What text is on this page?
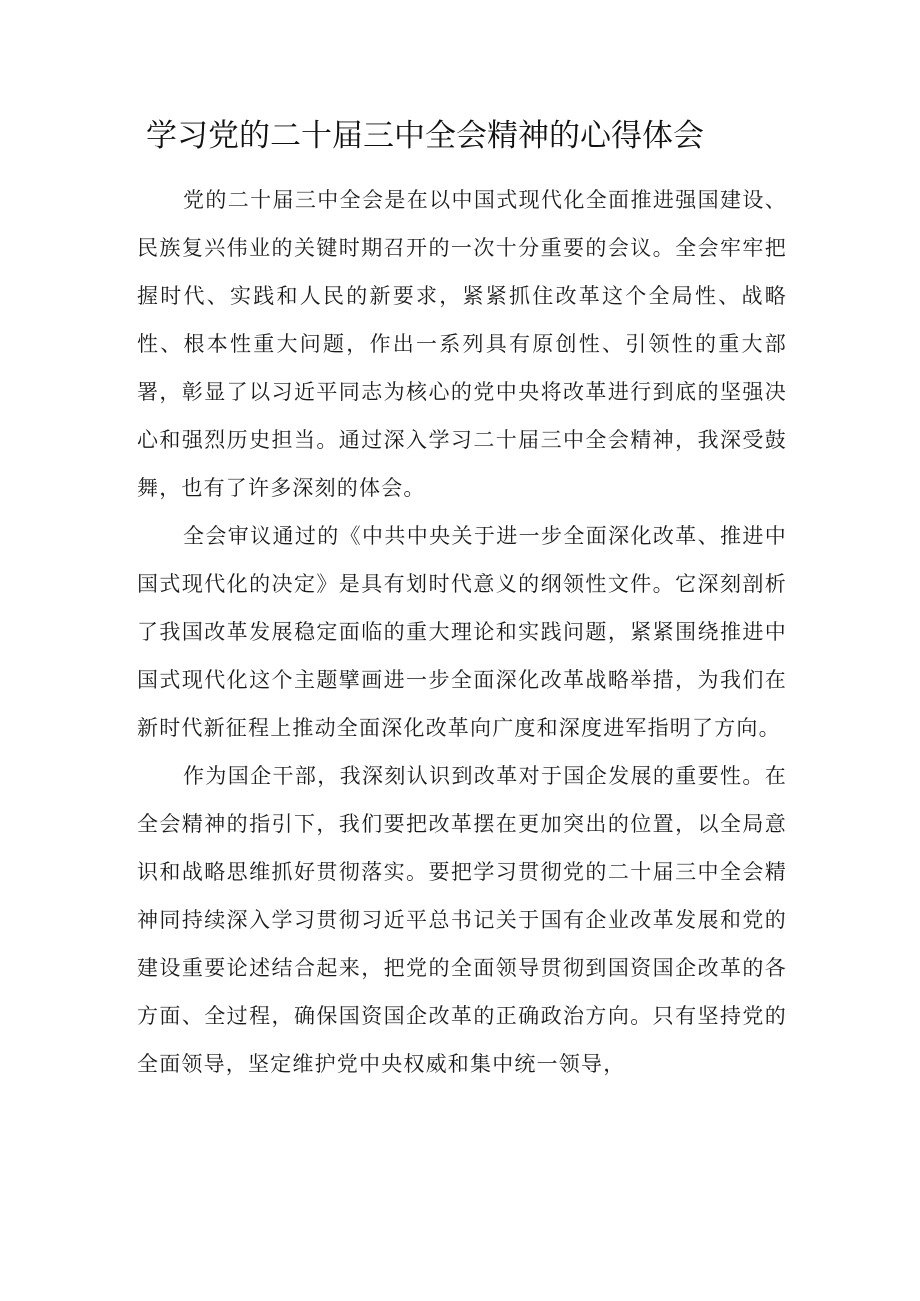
学习党的二十届三中全会精神的心得体会

党的二十届三中全会是在以中国式现代化全面推进强国建设、民族复兴伟业的关键时期召开的一次十分重要的会议。全会牢牢把握时代、实践和人民的新要求，紧紧抓住改革这个全局性、战略性、根本性重大问题，作出一系列具有原创性、引领性的重大部署，彰显了以习近平同志为核心的党中央将改革进行到底的坚强决心和强烈历史担当。通过深入学习二十届三中全会精神，我深受鼓舞，也有了许多深刻的体会。

全会审议通过的《中共中央关于进一步全面深化改革、推进中国式现代化的决定》是具有划时代意义的纲领性文件。它深刻剖析了我国改革发展稳定面临的重大理论和实践问题，紧紧围绕推进中国式现代化这个主题擘画进一步全面深化改革战略举措，为我们在新时代新征程上推动全面深化改革向广度和深度进军指明了方向。

作为国企干部，我深刻认识到改革对于国企发展的重要性。在全会精神的指引下，我们要把改革摆在更加突出的位置，以全局意识和战略思维抓好贯彻落实。要把学习贯彻党的二十届三中全会精神同持续深入学习贯彻习近平总书记关于国有企业改革发展和党的建设重要论述结合起来，把党的全面领导贯彻到国资国企改革的各方面、全过程，确保国资国企改革的正确政治方向。只有坚持党的全面领导，坚定维护党中央权威和集中统一领导，
